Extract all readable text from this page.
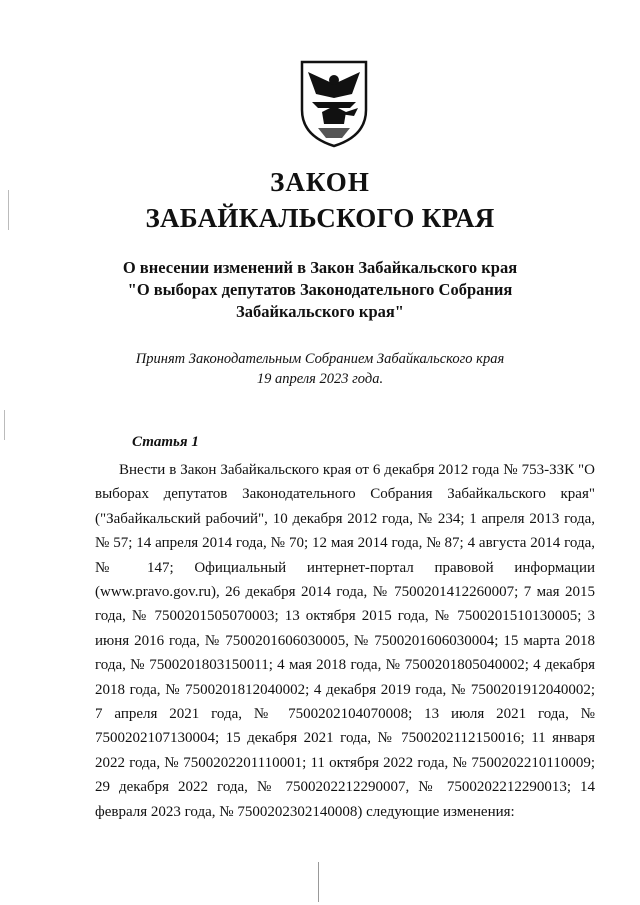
ЗАКОН
ЗАБАЙКАЛЬСКОГО КРАЯ
О внесении изменений в Закон Забайкальского края
"О выборах депутатов Законодательного Собрания
Забайкальского края"
Принят Законодательным Собранием Забайкальского края
19 апреля 2023 года.
Статья 1

Внести в Закон Забайкальского края от 6 декабря 2012 года № 753-ЗЗК "О выборах депутатов Законодательного Собрания Забайкальского края" ("Забайкальский рабочий", 10 декабря 2012 года, № 234; 1 апреля 2013 года, № 57; 14 апреля 2014 года, № 70; 12 мая 2014 года, № 87; 4 августа 2014 года, № 147; Официальный интернет-портал правовой информации (www.pravo.gov.ru), 26 декабря 2014 года, № 7500201412260007; 7 мая 2015 года, № 7500201505070003; 13 октября 2015 года, № 7500201510130005; 3 июня 2016 года, № 7500201606030005, № 7500201606030004; 15 марта 2018 года, № 7500201803150011; 4 мая 2018 года, № 7500201805040002; 4 декабря 2018 года, № 7500201812040002; 4 декабря 2019 года, № 7500201912040002; 7 апреля 2021 года, № 7500202104070008; 13 июля 2021 года, № 7500202107130004; 15 декабря 2021 года, № 7500202112150016; 11 января 2022 года, № 7500202201110001; 11 октября 2022 года, № 7500202210110009; 29 декабря 2022 года, № 7500202212290007, № 7500202212290013; 14 февраля 2023 года, № 7500202302140008) следующие изменения:
